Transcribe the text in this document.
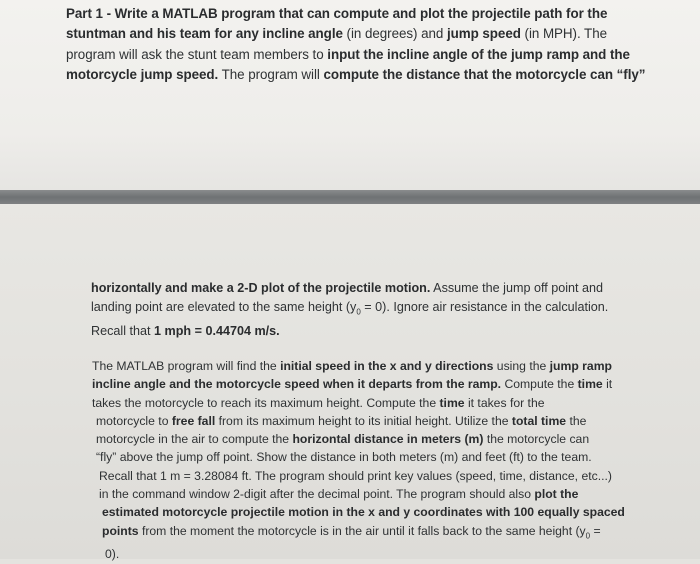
Part 1 - Write a MATLAB program that can compute and plot the projectile path for the
stuntman and his team for any incline angle (in degrees) and jump speed (in MPH). The
program will ask the stunt team members to input the incline angle of the jump ramp and the
motorcycle jump speed. The program will compute the distance that the motorcycle can “fly”

horizontally and make a 2-D plot of the projectile motion. Assume the jump off point and
landing point are elevated to the same height $(y_0 = 0)$. Ignore air resistance in the calculation.
Recall that 1 mph = 0.44704 m/s.

The MATLAB program will find the initial speed in the x and y directions using the jump ramp
incline angle and the motorcycle speed when it departs from the ramp. Compute the time it
takes the motorcycle to reach its maximum height. Compute the time it takes for the
motorcycle to free fall from its maximum height to its initial height. Utilize the total time the
motorcycle in the air to compute the horizontal distance in meters (m) the motorcycle can
“fly” above the jump off point. Show the distance in both meters (m) and feet (ft) to the team.
Recall that 1 m = 3.28084 ft. The program should print key values (speed, time, distance, etc...)
in the command window 2-digit after the decimal point. The program should also plot the
estimated motorcycle projectile motion in the x and y coordinates with 100 equally spaced
points from the moment the motorcycle is in the air until it falls back to the same height ($y_0$ =
0).
